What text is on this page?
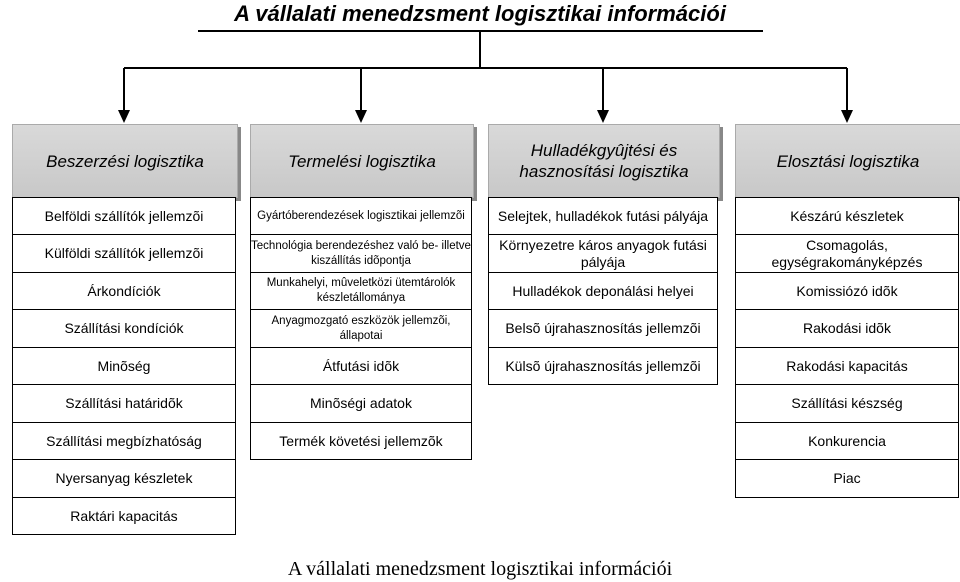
A vállalati menedzsment logisztikai információi
Beszerzési logisztika
Belföldi szállítók jellemzõi
Külföldi szállítók jellemzõi
Árkondíciók
Szállítási kondíciók
Minõség
Szállítási határidõk
Szállítási megbízhatóság
Nyersanyag készletek
Raktári kapacitás
Termelési logisztika
Gyártóberendezések logisztikai jellemzõi
Technológia berendezéshez való be- illetve kiszállítás idõpontja
Munkahelyi, mûveletközi ütemtárolók készletállománya
Anyagmozgató eszközök jellemzõi, állapotai
Átfutási idõk
Minõségi adatok
Termék követési jellemzõk
Hulladékgyûjtési és hasznosítási logisztika
Selejtek, hulladékok futási pályája
Környezetre káros anyagok futási pályája
Hulladékok deponálási helyei
Belsõ újrahasznosítás jellemzõi
Külsõ újrahasznosítás jellemzõi
Elosztási logisztika
Készárú készletek
Csomagolás, egységrakományképzés
Komissiózó idõk
Rakodási idõk
Rakodási kapacitás
Szállítási készség
Konkurencia
Piac
A vállalati menedzsment logisztikai információi
